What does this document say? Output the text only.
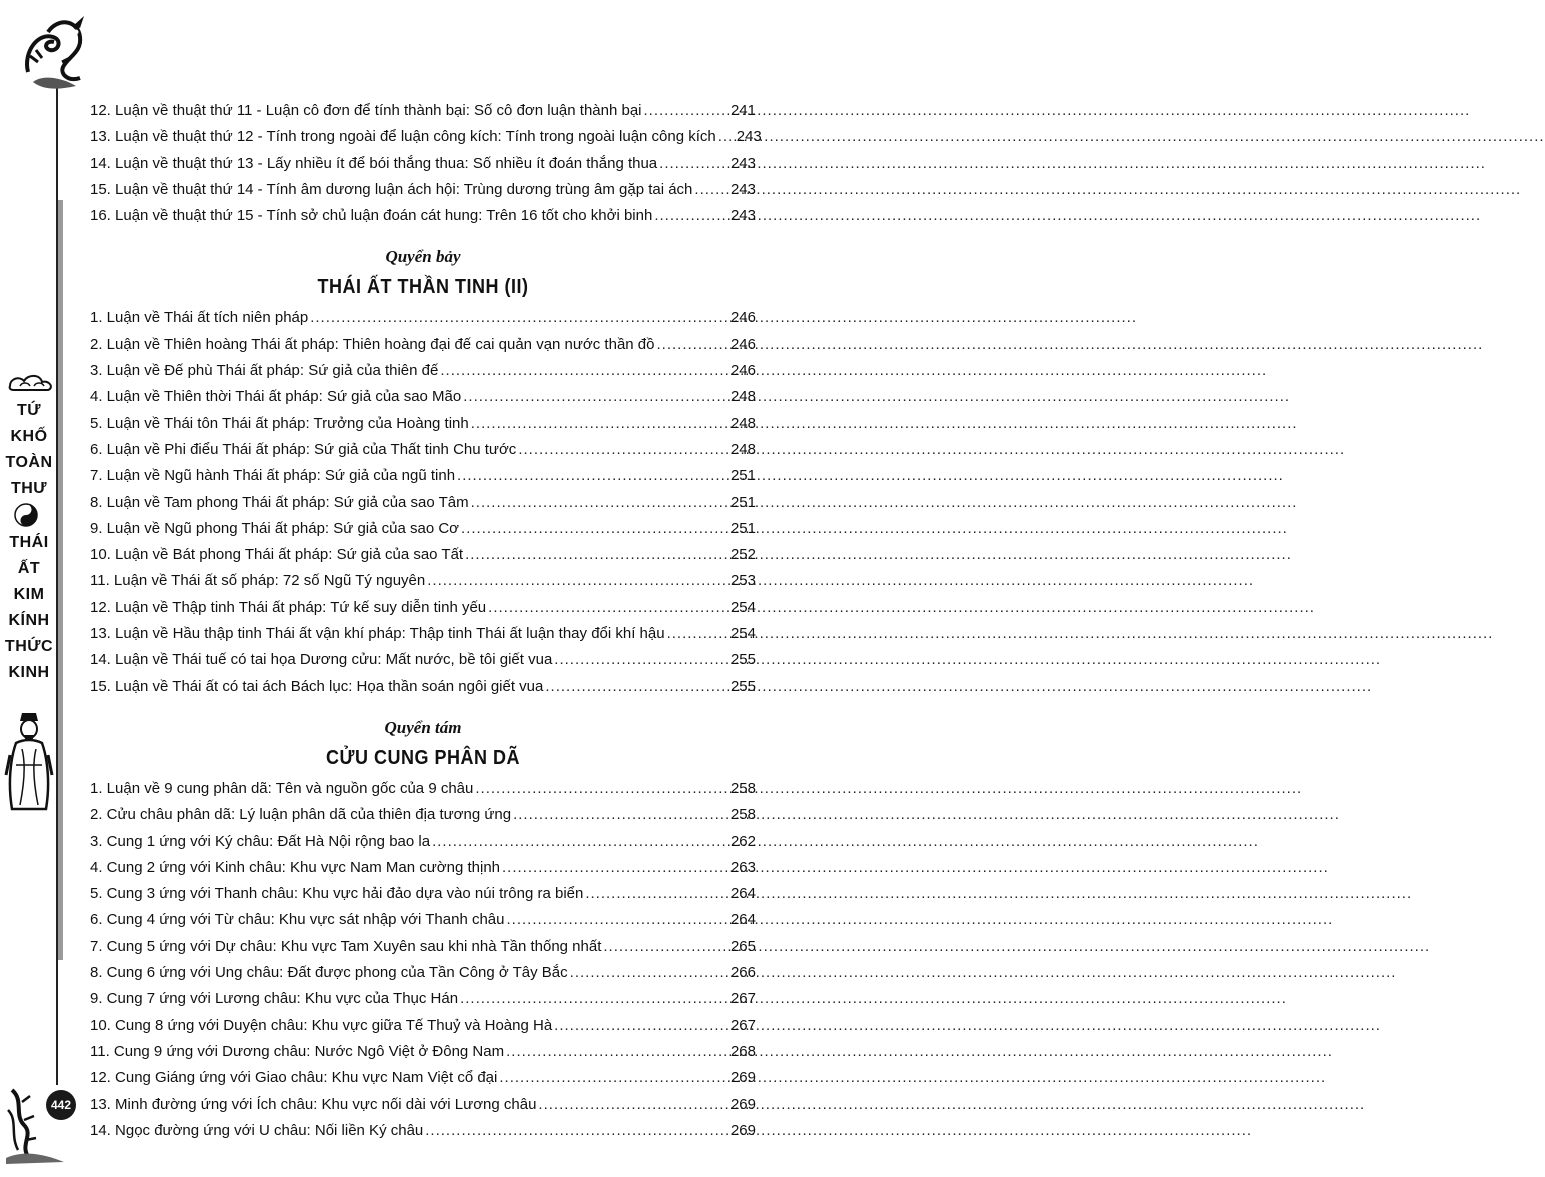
TỨ
KHỐ
TOÀN
THƯ
THÁI
ẤT
KIM
KÍNH
THỨC
KINH
442
12. Luận về thuật thứ 11 - Luận cô đơn để tính thành bại: Số cô đơn luận thành bại .....	241
13. Luận về thuật thứ 12 - Tính trong ngoài để luận công kích: Tính trong ngoài luận công kích .....	243
14. Luận về thuật thứ 13 - Lấy nhiều ít để bói thắng thua: Số nhiều ít đoán thắng thua .....	243
15. Luận về thuật thứ 14 - Tính âm dương luận ách hội: Trùng dương trùng âm gặp tai ách .....	243
16. Luận về thuật thứ 15 - Tính sở chủ luận đoán cát hung: Trên 16 tốt cho khởi binh .....	243
Quyển bảy
THÁI ẤT THẦN TINH (II)
1. Luận về Thái ất tích niên pháp .....	246
2. Luận về Thiên hoàng Thái ất pháp: Thiên hoàng đại đế cai quản vạn nước thần đồ .....	246
3. Luận về Đế phù Thái ất pháp: Sứ giả của thiên đế .....	246
4. Luận về Thiên thời Thái ất pháp: Sứ giả của sao Mão .....	248
5. Luận về Thái tôn Thái ất pháp: Trưởng của Hoàng tinh .....	248
6. Luận về Phi điểu Thái ất pháp: Sứ giả của Thất tinh Chu tước .....	248
7. Luận về Ngũ hành Thái ất pháp: Sứ giả của ngũ tinh .....	251
8. Luận về Tam phong Thái ất pháp: Sứ giả của sao Tâm .....	251
9. Luận về Ngũ phong Thái ất pháp: Sứ giả của sao Cơ .....	251
10. Luận về Bát phong Thái ất pháp: Sứ giả của sao Tất .....	252
11. Luận về Thái ất số pháp: 72 số Ngũ Tý nguyên .....	253
12. Luận về Thập tinh Thái ất pháp: Tứ kế suy diễn tinh yếu .....	254
13. Luận về Hầu thập tinh Thái ất vận khí pháp: Thập tinh Thái ất luận thay đổi khí hậu .....	254
14. Luận về Thái tuế có tai họa Dương cửu: Mất nước, bề tôi giết vua .....	255
15. Luận về Thái ất có tai ách Bách lục: Họa thần soán ngôi giết vua .....	255
Quyển tám
CỬU CUNG PHÂN DÃ
1. Luận về 9 cung phân dã: Tên và nguồn gốc của 9 châu .....	258
2. Cửu châu phân dã: Lý luận phân dã của thiên địa tương ứng .....	258
3. Cung 1 ứng với Ký châu: Đất Hà Nội rộng bao la .....	262
4. Cung 2 ứng với Kinh châu: Khu vực Nam Man cường thịnh .....	263
5. Cung 3 ứng với Thanh châu: Khu vực hải đảo dựa vào núi trông ra biển .....	264
6. Cung 4 ứng với Từ châu: Khu vực sát nhập với Thanh châu .....	264
7. Cung 5 ứng với Dự châu: Khu vực Tam Xuyên sau khi nhà Tần thống nhất .....	265
8. Cung 6 ứng với Ung châu: Đất được phong của Tần Công ở Tây Bắc .....	266
9. Cung 7 ứng với Lương châu: Khu vực của Thục Hán .....	267
10. Cung 8 ứng với Duyện châu: Khu vực giữa Tế Thuỷ và Hoàng Hà .....	267
11. Cung 9 ứng với Dương châu: Nước Ngô Việt ở Đông Nam .....	268
12. Cung Giáng ứng với Giao châu: Khu vực Nam Việt cổ đại .....	269
13. Minh đường ứng với Ích châu: Khu vực nối dài với Lương châu .....	269
14. Ngọc đường ứng với U châu: Nối liền Ký châu .....	269
